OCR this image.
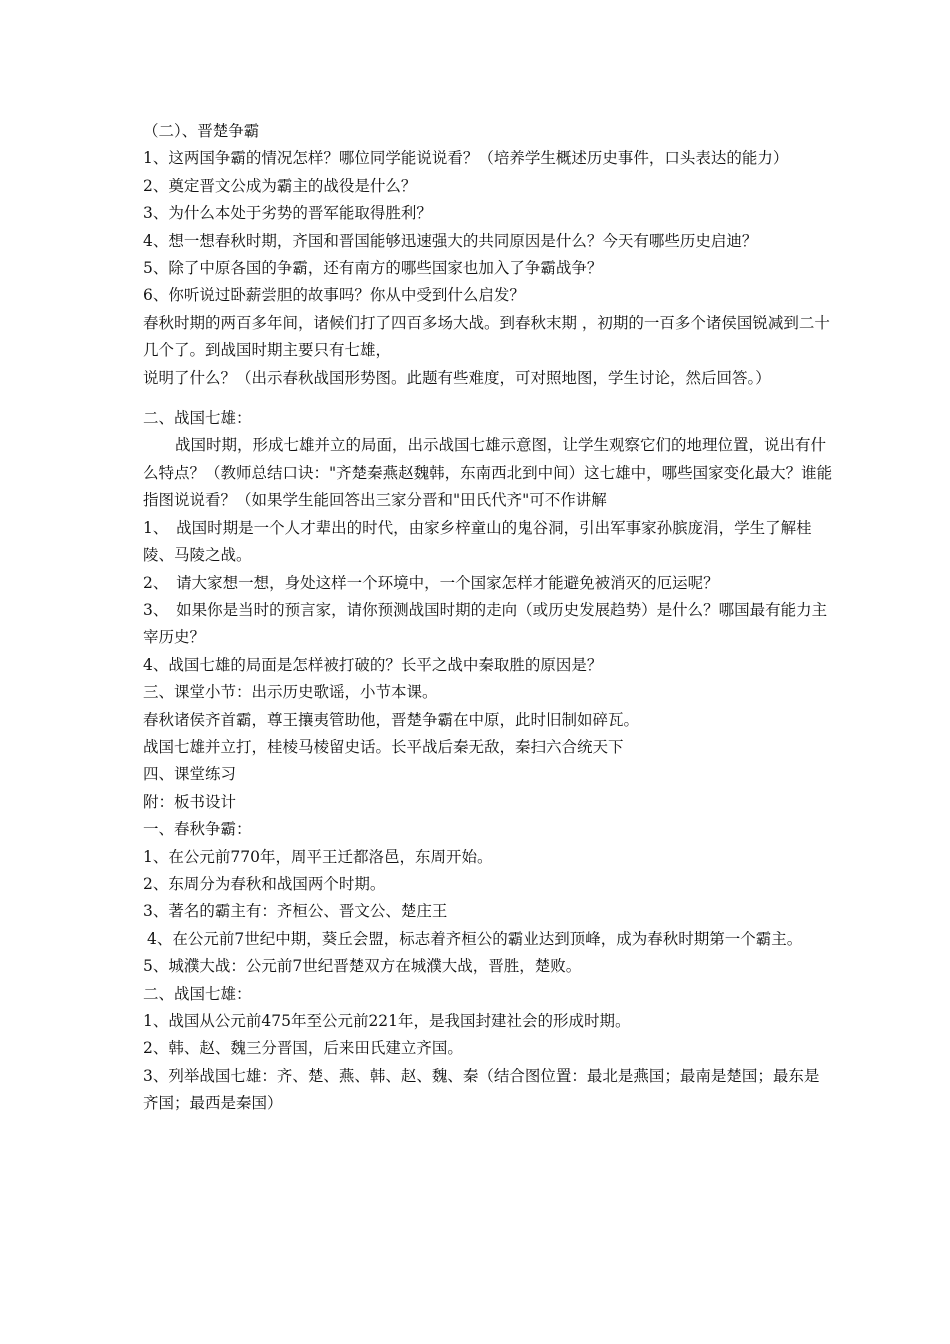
（二）、晋楚争霸

1、这两国争霸的情况怎样？哪位同学能说说看？（培养学生概述历史事件，口头表达的能力）

2、奠定晋文公成为霸主的战役是什么？

3、为什么本处于劣势的晋军能取得胜利？

4、想一想春秋时期，齐国和晋国能够迅速强大的共同原因是什么？今天有哪些历史启迪？

5、除了中原各国的争霸，还有南方的哪些国家也加入了争霸战争？

6、你听说过卧薪尝胆的故事吗？你从中受到什么启发？

春秋时期的两百多年间，诸候们打了四百多场大战。到春秋末期 ，初期的一百多个诸侯国锐减到二十几个了。到战国时期主要只有七雄，

说明了什么？（出示春秋战国形势图。此题有些难度，可对照地图，学生讨论，然后回答。）

二、战国七雄：

战国时期，形成七雄并立的局面，出示战国七雄示意图，让学生观察它们的地理位置，说出有什么特点？（教师总结口诀："齐楚秦燕赵魏韩，东南西北到中间）这七雄中，哪些国家变化最大？谁能指图说说看？（如果学生能回答出三家分晋和"田氏代齐"可不作讲解

1、　战国时期是一个人才辈出的时代，由家乡梓童山的鬼谷洞，引出军事家孙膑庞涓，学生了解桂陵、马陵之战。

2、　请大家想一想，身处这样一个环境中，一个国家怎样才能避免被消灭的厄运呢？

3、　如果你是当时的预言家，请你预测战国时期的走向（或历史发展趋势）是什么？哪国最有能力主宰历史？

4、战国七雄的局面是怎样被打破的？长平之战中秦取胜的原因是？

三、课堂小节：出示历史歌谣，小节本课。

春秋诸侯齐首霸，尊王攘夷管助他，晋楚争霸在中原，此时旧制如碎瓦。

战国七雄并立打，桂棱马棱留史话。长平战后秦无敌，秦扫六合统天下

四、课堂练习

附：板书设计

一、春秋争霸：

1、在公元前770年，周平王迁都洛邑，东周开始。

2、东周分为春秋和战国两个时期。

3、著名的霸主有：齐桓公、晋文公、楚庄王

4、在公元前7世纪中期，葵丘会盟，标志着齐桓公的霸业达到顶峰，成为春秋时期第一个霸主。

5、城濮大战：公元前7世纪晋楚双方在城濮大战，晋胜，楚败。

二、战国七雄：

1、战国从公元前475年至公元前221年，是我国封建社会的形成时期。

2、韩、赵、魏三分晋国，后来田氏建立齐国。

3、列举战国七雄：齐、楚、燕、韩、赵、魏、秦（结合图位置：最北是燕国；最南是楚国；最东是齐国；最西是秦国）
